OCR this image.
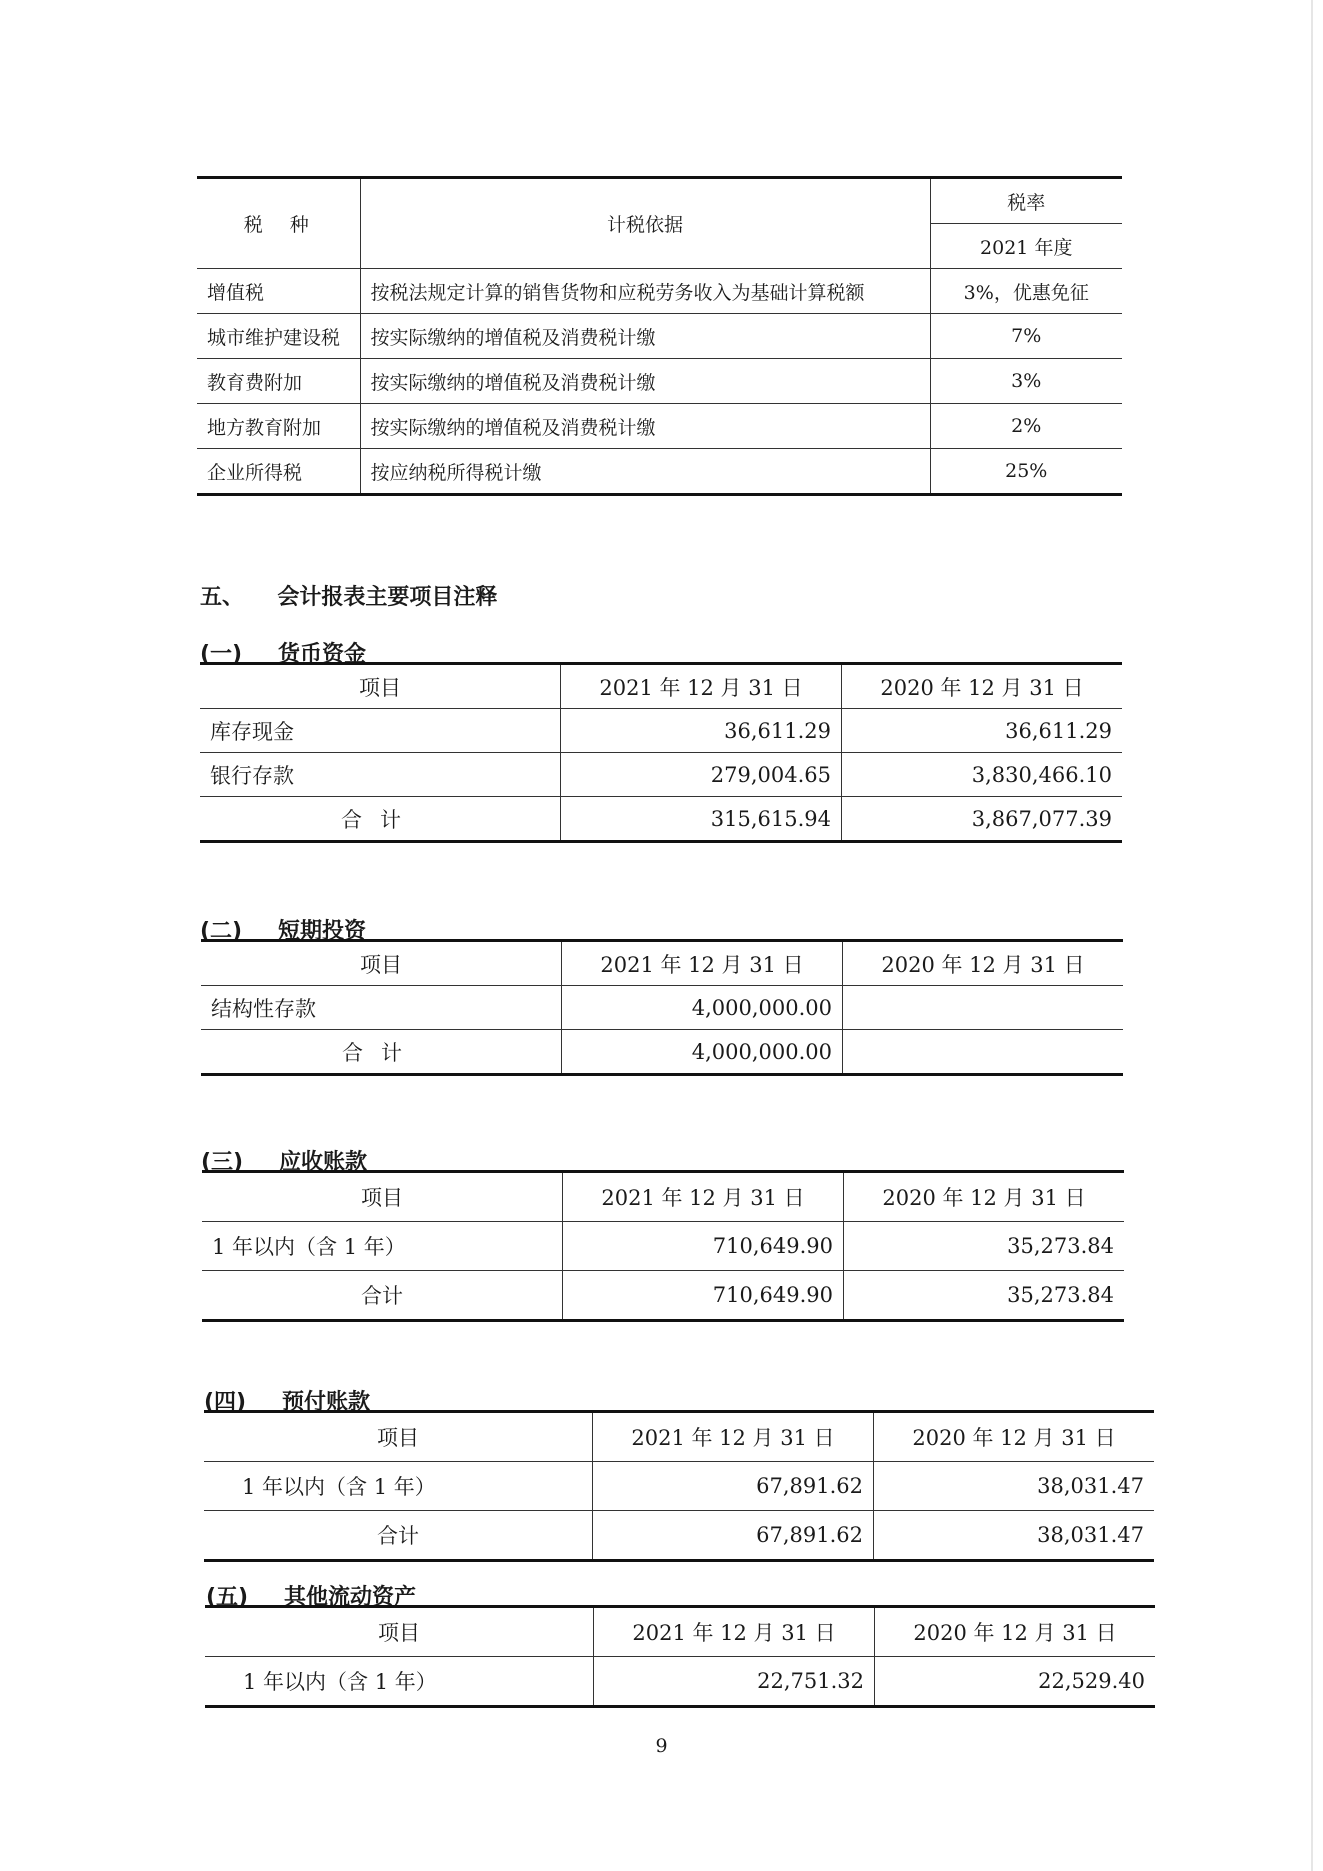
税　种	计税依据	税率
		2021 年度
增值税	按税法规定计算的销售货物和应税劳务收入为基础计算税额	3%，优惠免征
城市维护建设税	按实际缴纳的增值税及消费税计缴	7%
教育费附加	按实际缴纳的增值税及消费税计缴	3%
地方教育附加	按实际缴纳的增值税及消费税计缴	2%
企业所得税	按应纳税所得税计缴	25%
五、 会计报表主要项目注释
(一) 货币资金
项目	2021 年 12 月 31 日	2020 年 12 月 31 日
库存现金	36,611.29	36,611.29
银行存款	279,004.65	3,830,466.10
合计	315,615.94	3,867,077.39
(二) 短期投资
项目	2021 年 12 月 31 日	2020 年 12 月 31 日
结构性存款	4,000,000.00	
合计	4,000,000.00	
(三) 应收账款
项目	2021 年 12 月 31 日	2020 年 12 月 31 日
1 年以内（含 1 年）	710,649.90	35,273.84
合计	710,649.90	35,273.84
(四) 预付账款
项目	2021 年 12 月 31 日	2020 年 12 月 31 日
1 年以内（含 1 年）	67,891.62	38,031.47
合计	67,891.62	38,031.47
(五) 其他流动资产
项目	2021 年 12 月 31 日	2020 年 12 月 31 日
1 年以内（含 1 年）	22,751.32	22,529.40
9
